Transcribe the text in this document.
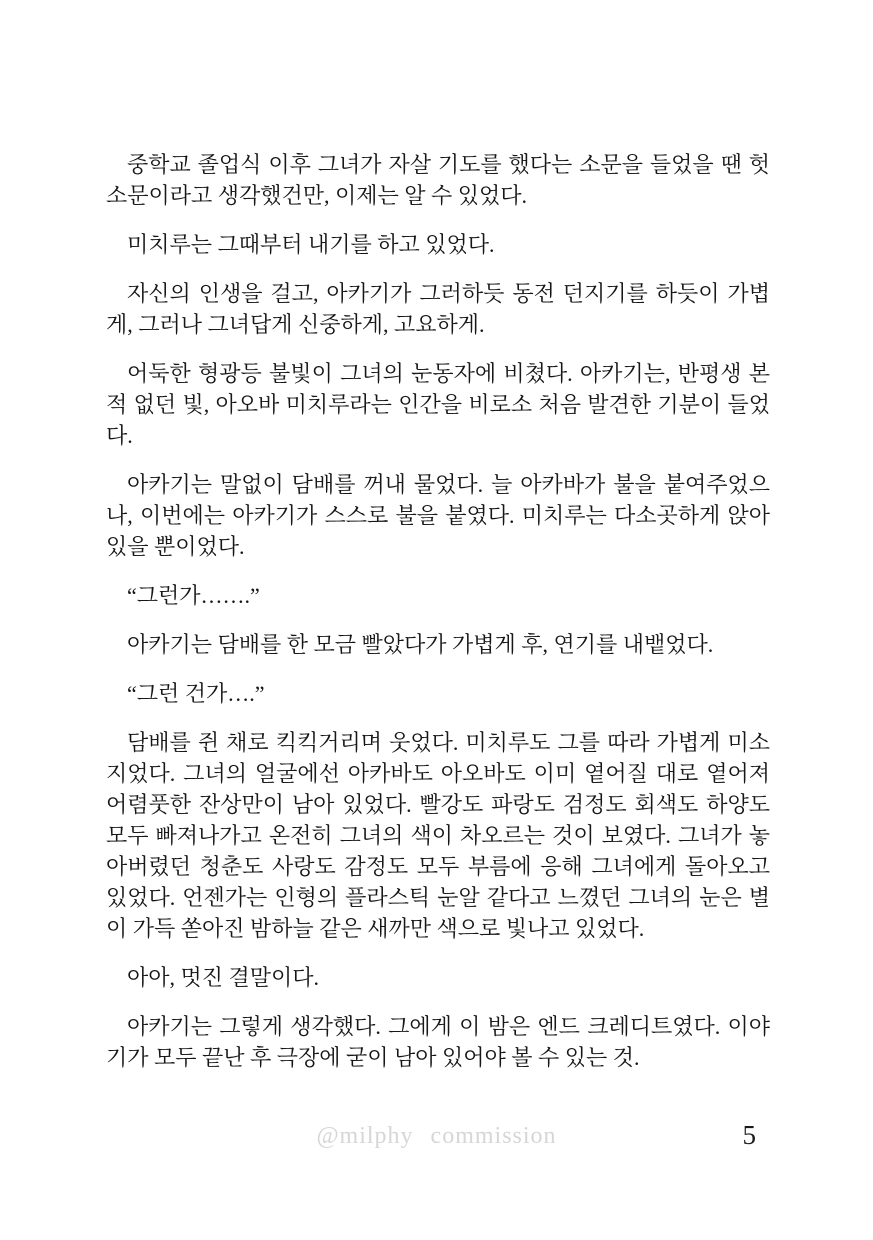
중학교 졸업식 이후 그녀가 자살 기도를 했다는 소문을 들었을 땐 헛소문이라고 생각했건만, 이제는 알 수 있었다.

미치루는 그때부터 내기를 하고 있었다.

자신의 인생을 걸고, 아카기가 그러하듯 동전 던지기를 하듯이 가볍게, 그러나 그녀답게 신중하게, 고요하게.

어둑한 형광등 불빛이 그녀의 눈동자에 비쳤다. 아카기는, 반평생 본 적 없던 빛, 아오바 미치루라는 인간을 비로소 처음 발견한 기분이 들었다.

아카기는 말없이 담배를 꺼내 물었다. 늘 아카바가 불을 붙여주었으나, 이번에는 아카기가 스스로 불을 붙였다. 미치루는 다소곳하게 앉아 있을 뿐이었다.

“그런가…….”

아카기는 담배를 한 모금 빨았다가 가볍게 후, 연기를 내뱉었다.

“그런 건가….”

담배를 쥔 채로 킥킥거리며 웃었다. 미치루도 그를 따라 가볍게 미소 지었다. 그녀의 얼굴에선 아카바도 아오바도 이미 옅어질 대로 옅어져 어렴풋한 잔상만이 남아 있었다. 빨강도 파랑도 검정도 회색도 하양도 모두 빠져나가고 온전히 그녀의 색이 차오르는 것이 보였다. 그녀가 놓아버렸던 청춘도 사랑도 감정도 모두 부름에 응해 그녀에게 돌아오고 있었다. 언젠가는 인형의 플라스틱 눈알 같다고 느꼈던 그녀의 눈은 별이 가득 쏟아진 밤하늘 같은 새까만 색으로 빛나고 있었다.

아아, 멋진 결말이다.

아카기는 그렇게 생각했다. 그에게 이 밤은 엔드 크레디트였다. 이야기가 모두 끝난 후 극장에 굳이 남아 있어야 볼 수 있는 것.

@milphy commission	5
